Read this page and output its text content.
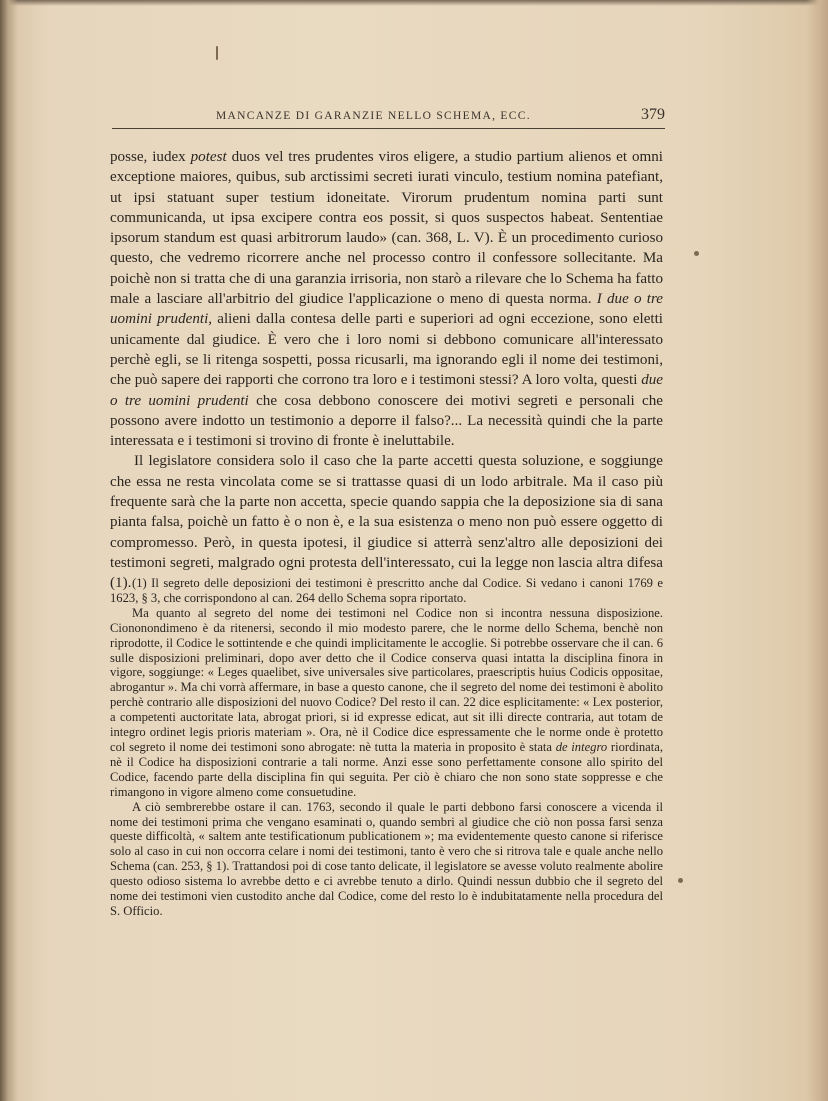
MANCANZE DI GARANZIE NELLO SCHEMA, ECC.	379

posse, iudex potest duos vel tres prudentes viros eligere, a studio partium alienos et omni exceptione maiores, quibus, sub arctissimi secreti iurati vinculo, testium nomina patefiant, ut ipsi statuant super testium idoneitate. Virorum prudentum nomina parti sunt communicanda, ut ipsa excipere contra eos possit, si quos suspectos habeat. Sententiae ipsorum standum est quasi arbitrorum laudo» (can. 368, L. V). È un procedimento curioso questo, che vedremo ricorrere anche nel processo contro il confessore sollecitante. Ma poichè non si tratta che di una garanzia irrisoria, non starò a rilevare che lo Schema ha fatto male a lasciare all'arbitrio del giudice l'applicazione o meno di questa norma. I due o tre uomini prudenti, alieni dalla contesa delle parti e superiori ad ogni eccezione, sono eletti unicamente dal giudice. È vero che i loro nomi si debbono comunicare all'interessato perchè egli, se li ritenga sospetti, possa ricusarli, ma ignorando egli il nome dei testimoni, che può sapere dei rapporti che corrono tra loro e i testimoni stessi? A loro volta, questi due o tre uomini prudenti che cosa debbono conoscere dei motivi segreti e personali che possono avere indotto un testimonio a deporre il falso?... La necessità quindi che la parte interessata e i testimoni si trovino di fronte è ineluttabile.

Il legislatore considera solo il caso che la parte accetti questa soluzione, e soggiunge che essa ne resta vincolata come se si trattasse quasi di un lodo arbitrale. Ma il caso più frequente sarà che la parte non accetta, specie quando sappia che la deposizione sia di sana pianta falsa, poichè un fatto è o non è, e la sua esistenza o meno non può essere oggetto di compromesso. Però, in questa ipotesi, il giudice si atterrà senz'altro alle deposizioni dei testimoni segreti, malgrado ogni protesta dell'interessato, cui la legge non lascia altra difesa (1). (1) Il segreto delle deposizioni dei testimoni è prescritto anche dal Codice. Si vedano i canoni 1769 e 1623, § 3, che corrispondono al can. 264 dello Schema sopra riportato.

Ma quanto al segreto del nome dei testimoni nel Codice non si incontra nessuna disposizione. Ciononondimeno è da ritenersi, secondo il mio modesto parere, che le norme dello Schema, benchè non riprodotte, il Codice le sottintende e che quindi implicitamente le accoglie. Si potrebbe osservare che il can. 6 sulle disposizioni preliminari, dopo aver detto che il Codice conserva quasi intatta la disciplina finora in vigore, soggiunge: « Leges quaelibet, sive universales sive particolares, praescriptis huius Codicis oppositae, abrogantur ». Ma chi vorrà affermare, in base a questo canone, che il segreto del nome dei testimoni è abolito perchè contrario alle disposizioni del nuovo Codice? Del resto il can. 22 dice esplicitamente: « Lex posterior, a competenti auctoritate lata, abrogat priori, si id expresse edicat, aut sit illi directe contraria, aut totam de integro ordinet legis prioris materiam ». Ora, nè il Codice dice espressamente che le norme onde è protetto col segreto il nome dei testimoni sono abrogate: nè tutta la materia in proposito è stata de integro riordinata, nè il Codice ha disposizioni contrarie a tali norme. Anzi esse sono perfettamente consone allo spirito del Codice, facendo parte della disciplina fin qui seguita. Per ciò è chiaro che non sono state soppresse e che rimangono in vigore almeno come consuetudine.

A ciò sembrerebbe ostare il can. 1763, secondo il quale le parti debbono farsi conoscere a vicenda il nome dei testimoni prima che vengano esaminati o, quando sembri al giudice che ciò non possa farsi senza queste difficoltà, « saltem ante testificationum publicationem »; ma evidentemente questo canone si riferisce solo al caso in cui non occorra celare i nomi dei testimoni, tanto è vero che si ritrova tale e quale anche nello Schema (can. 253, § 1). Trattandosi poi di cose tanto delicate, il legislatore se avesse voluto realmente abolire questo odioso sistema lo avrebbe detto e ci avrebbe tenuto a dirlo. Quindi nessun dubbio che il segreto del nome dei testimoni vien custodito anche dal Codice, come del resto lo è indubitatamente nella procedura del S. Officio.
